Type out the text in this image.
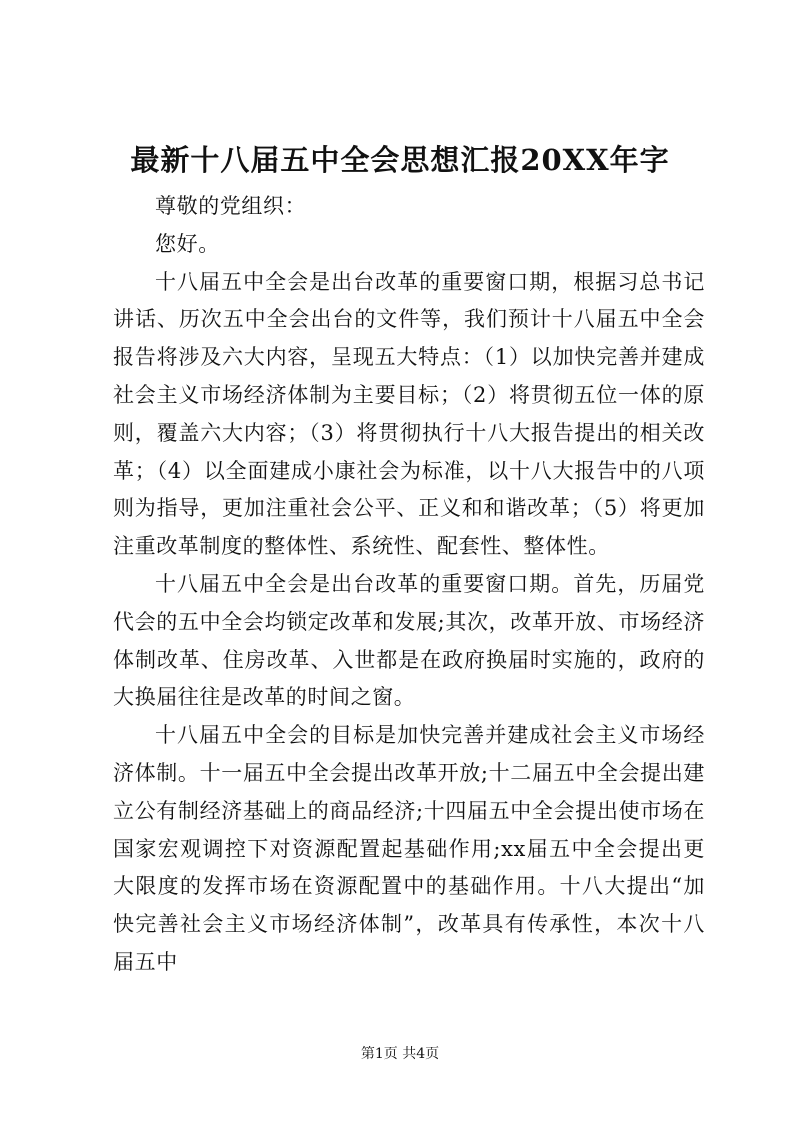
最新十八届五中全会思想汇报20XX年字

尊敬的党组织：

您好。

十八届五中全会是出台改革的重要窗口期，根据习总书记讲话、历次五中全会出台的文件等，我们预计十八届五中全会报告将涉及六大内容，呈现五大特点：（1）以加快完善并建成社会主义市场经济体制为主要目标；（2）将贯彻五位一体的原则，覆盖六大内容；（3）将贯彻执行十八大报告提出的相关改革；（4）以全面建成小康社会为标准，以十八大报告中的八项则为指导，更加注重社会公平、正义和和谐改革；（5）将更加注重改革制度的整体性、系统性、配套性、整体性。

十八届五中全会是出台改革的重要窗口期。首先，历届党代会的五中全会均锁定改革和发展;其次，改革开放、市场经济体制改革、住房改革、入世都是在政府换届时实施的，政府的大换届往往是改革的时间之窗。

十八届五中全会的目标是加快完善并建成社会主义市场经济体制。十一届五中全会提出改革开放;十二届五中全会提出建立公有制经济基础上的商品经济;十四届五中全会提出使市场在国家宏观调控下对资源配置起基础作用;xx届五中全会提出更大限度的发挥市场在资源配置中的基础作用。十八大提出“加快完善社会主义市场经济体制”，改革具有传承性，本次十八届五中

第1页 共4页
